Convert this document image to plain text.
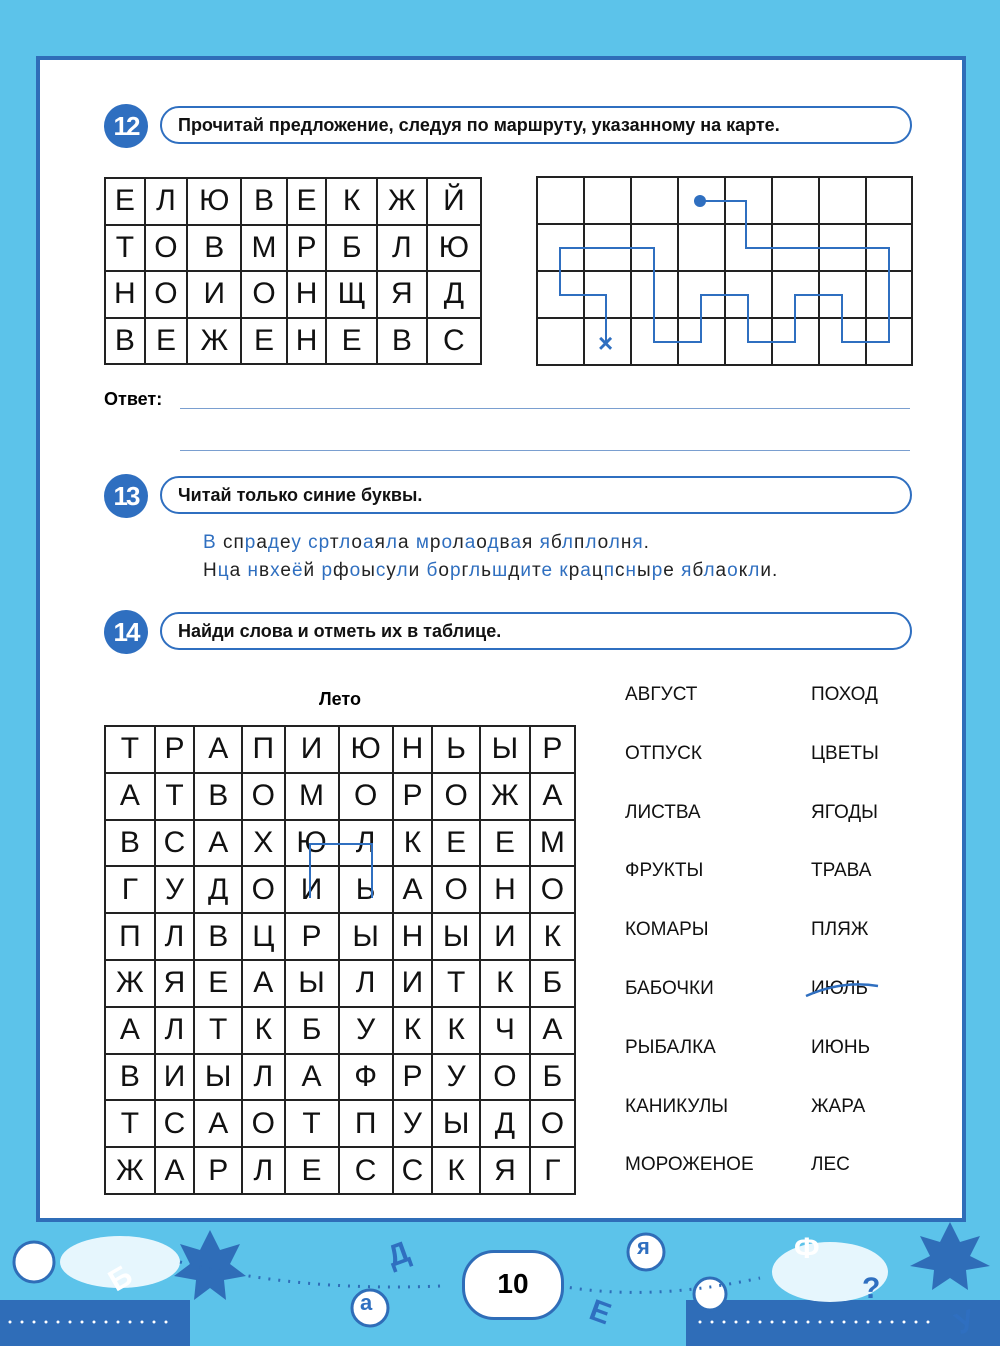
12	Прочитай предложение, следуя по маршруту, указанному на карте.
Е	Л	Ю	В	Е	К	Ж	Й
Т	О	В	М	Р	Б	Л	Ю
Н	О	И	О	Н	Щ	Я	Д
В	Е	Ж	Е	Н	Е	В	С	×
Ответ:
13	Читай только синие буквы.
В спрадеу сртлоаяла мролаодвая яблплолня.
Нца нвхеёй рфоысули боргльшдите крацпсныре яблаокли.
14	Найди слова и отметь их в таблице.
Лето
Т	Р	А	П	И	Ю	Н	Ь	Ы	Р
А	Т	В	О	М	О	Р	О	Ж	А
В	С	А	Х	Ю	Л	К	Е	Е	М
Г	У	Д	О	И	Ь	А	О	Н	О
П	Л	В	Ц	Р	Ы	Н	Ы	И	К
Ж	Я	Е	А	Ы	Л	И	Т	К	Б
А	Л	Т	К	Б	У	К	К	Ч	А
В	И	Ы	Л	А	Ф	Р	У	О	Б
Т	С	А	О	Т	П	У	Ы	Д	О
Ж	А	Р	Л	Е	С	С	К	Я	Г
АВГУСТ
ОТПУСК
ЛИСТВА
ФРУКТЫ
КОМАРЫ
БАБОЧКИ
РЫБАЛКА
КАНИКУЛЫ
МОРОЖЕНОЕ
ПОХОД
ЦВЕТЫ
ЯГОДЫ
ТРАВА
ПЛЯЖ
ИЮЛЬ
ИЮНЬ
ЖАРА
ЛЕС
Б
Д
а
я
Е
Ф
У
?
10
